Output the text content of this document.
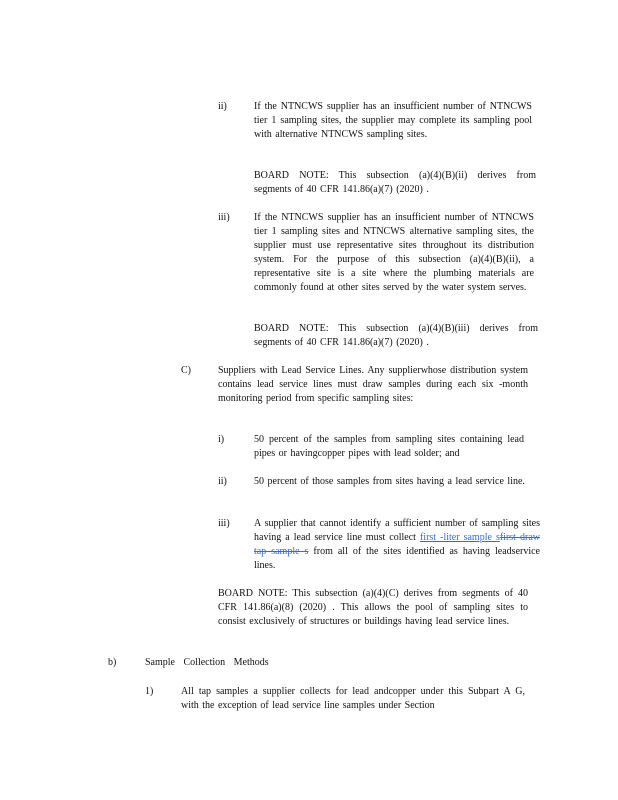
ii)	If the NTNCWS supplier has an insufficient number of NTNCWS tier 1 sampling sites, the supplier may complete its sampling pool with alternative NTNCWS sampling sites.
BOARD NOTE: This subsection (a)(4)(B)(ii) derives from segments of 40 CFR 141.86(a)(7) (2020) .
iii) If the NTNCWS supplier has an insufficient number of NTNCWS tier 1 sampling sites and NTNCWS alternative sampling sites, the supplier must use representative sites throughout its distribution system. For the purpose of this subsection (a)(4)(B)(ii), a representative site is a site where the plumbing materials are commonly found at other sites served by the water system serves.
BOARD NOTE: This subsection (a)(4)(B)(iii) derives from segments of 40 CFR 141.86(a)(7) (2020) .
C)	Suppliers with Lead Service Lines. Any supplierwhose distribution system contains lead service lines must draw samples during each six -month monitoring period from specific sampling sites:
i)	50 percent of the samples from sampling sites containing lead pipes or havingcopper pipes with lead solder; and
ii)	50 percent of those samples from sites having a lead service line.
iii) A supplier that cannot identify a sufficient number of sampling sites having a lead service line must collect first -liter sample sfirst draw tap sample s from all of the sites identified as having leadservice lines.
BOARD NOTE: This subsection (a)(4)(C) derives from segments of 40 CFR 141.86(a)(8) (2020) . This allows the pool of sampling sites to consist exclusively of structures or buildings having lead service lines.
b)	Sample Collection Methods
1)	All tap samples a supplier collects for lead andcopper under this Subpart A G, with the exception of lead service line samples under Section
